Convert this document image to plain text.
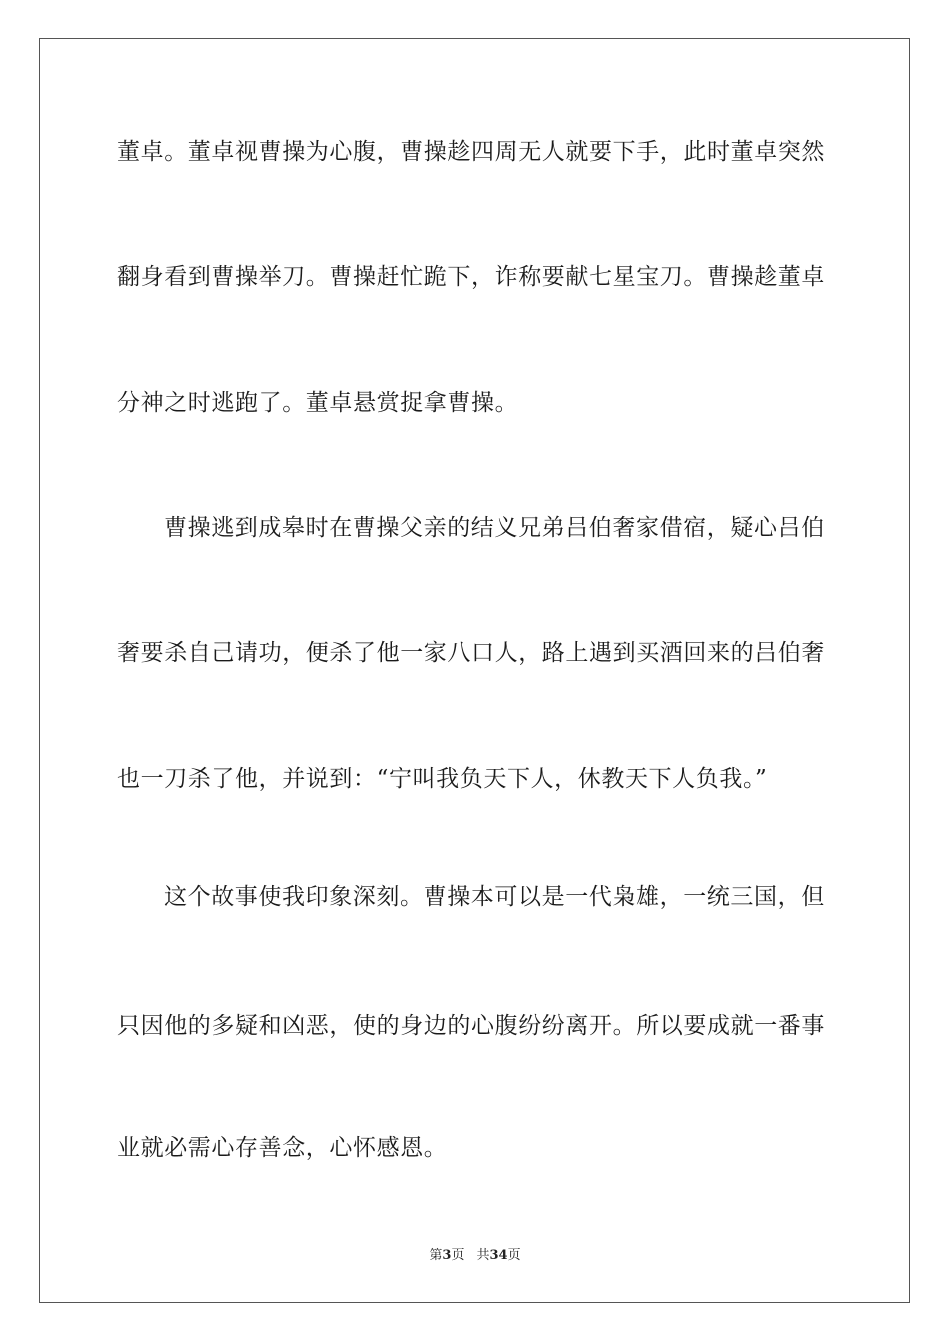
董卓。董卓视曹操为心腹，曹操趁四周无人就要下手，此时董卓突然
翻身看到曹操举刀。曹操赶忙跪下，诈称要献七星宝刀。曹操趁董卓
分神之时逃跑了。董卓悬赏捉拿曹操。
曹操逃到成皋时在曹操父亲的结义兄弟吕伯奢家借宿，疑心吕伯
奢要杀自己请功，便杀了他一家八口人，路上遇到买酒回来的吕伯奢
也一刀杀了他，并说到：“宁叫我负天下人，休教天下人负我。”
这个故事使我印象深刻。曹操本可以是一代枭雄，一统三国，但
只因他的多疑和凶恶，使的身边的心腹纷纷离开。所以要成就一番事
业就必需心存善念，心怀感恩。
第3页 共34页
